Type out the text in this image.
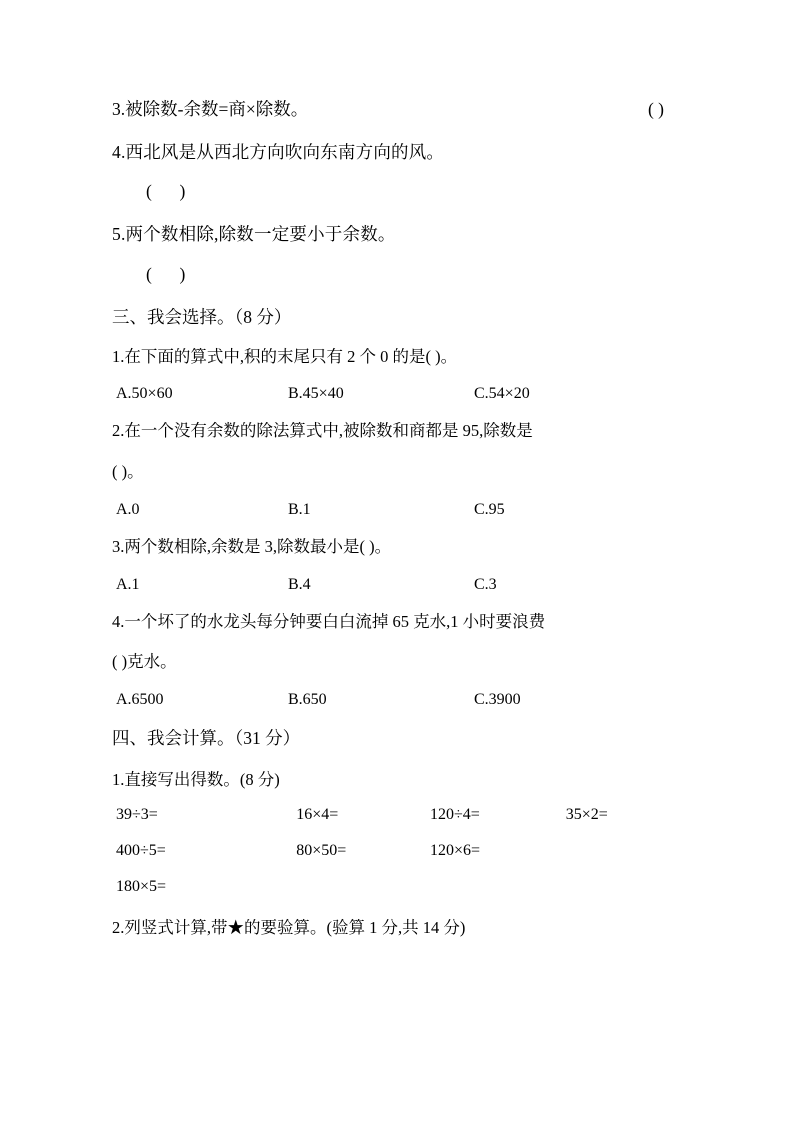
3.被除数-余数=商×除数。	( )
4.西北风是从西北方向吹向东南方向的风。
(      )
5.两个数相除,除数一定要小于余数。
(      )
三、我会选择。（8 分）
1.在下面的算式中,积的末尾只有 2 个 0 的是( )。
A.50×60	B.45×40	C.54×20
2.在一个没有余数的除法算式中,被除数和商都是 95,除数是
( )。
A.0	B.1	C.95
3.两个数相除,余数是 3,除数最小是( )。
A.1	B.4	C.3
4.一个坏了的水龙头每分钟要白白流掉 65 克水,1 小时要浪费
( )克水。
A.6500	B.650	C.3900
四、我会计算。（31 分）
1.直接写出得数。(8 分)
39÷3=	16×4=	120÷4=	35×2=
400÷5=	80×50=	120×6=
180×5=
2.列竖式计算,带★的要验算。(验算 1 分,共 14 分)
